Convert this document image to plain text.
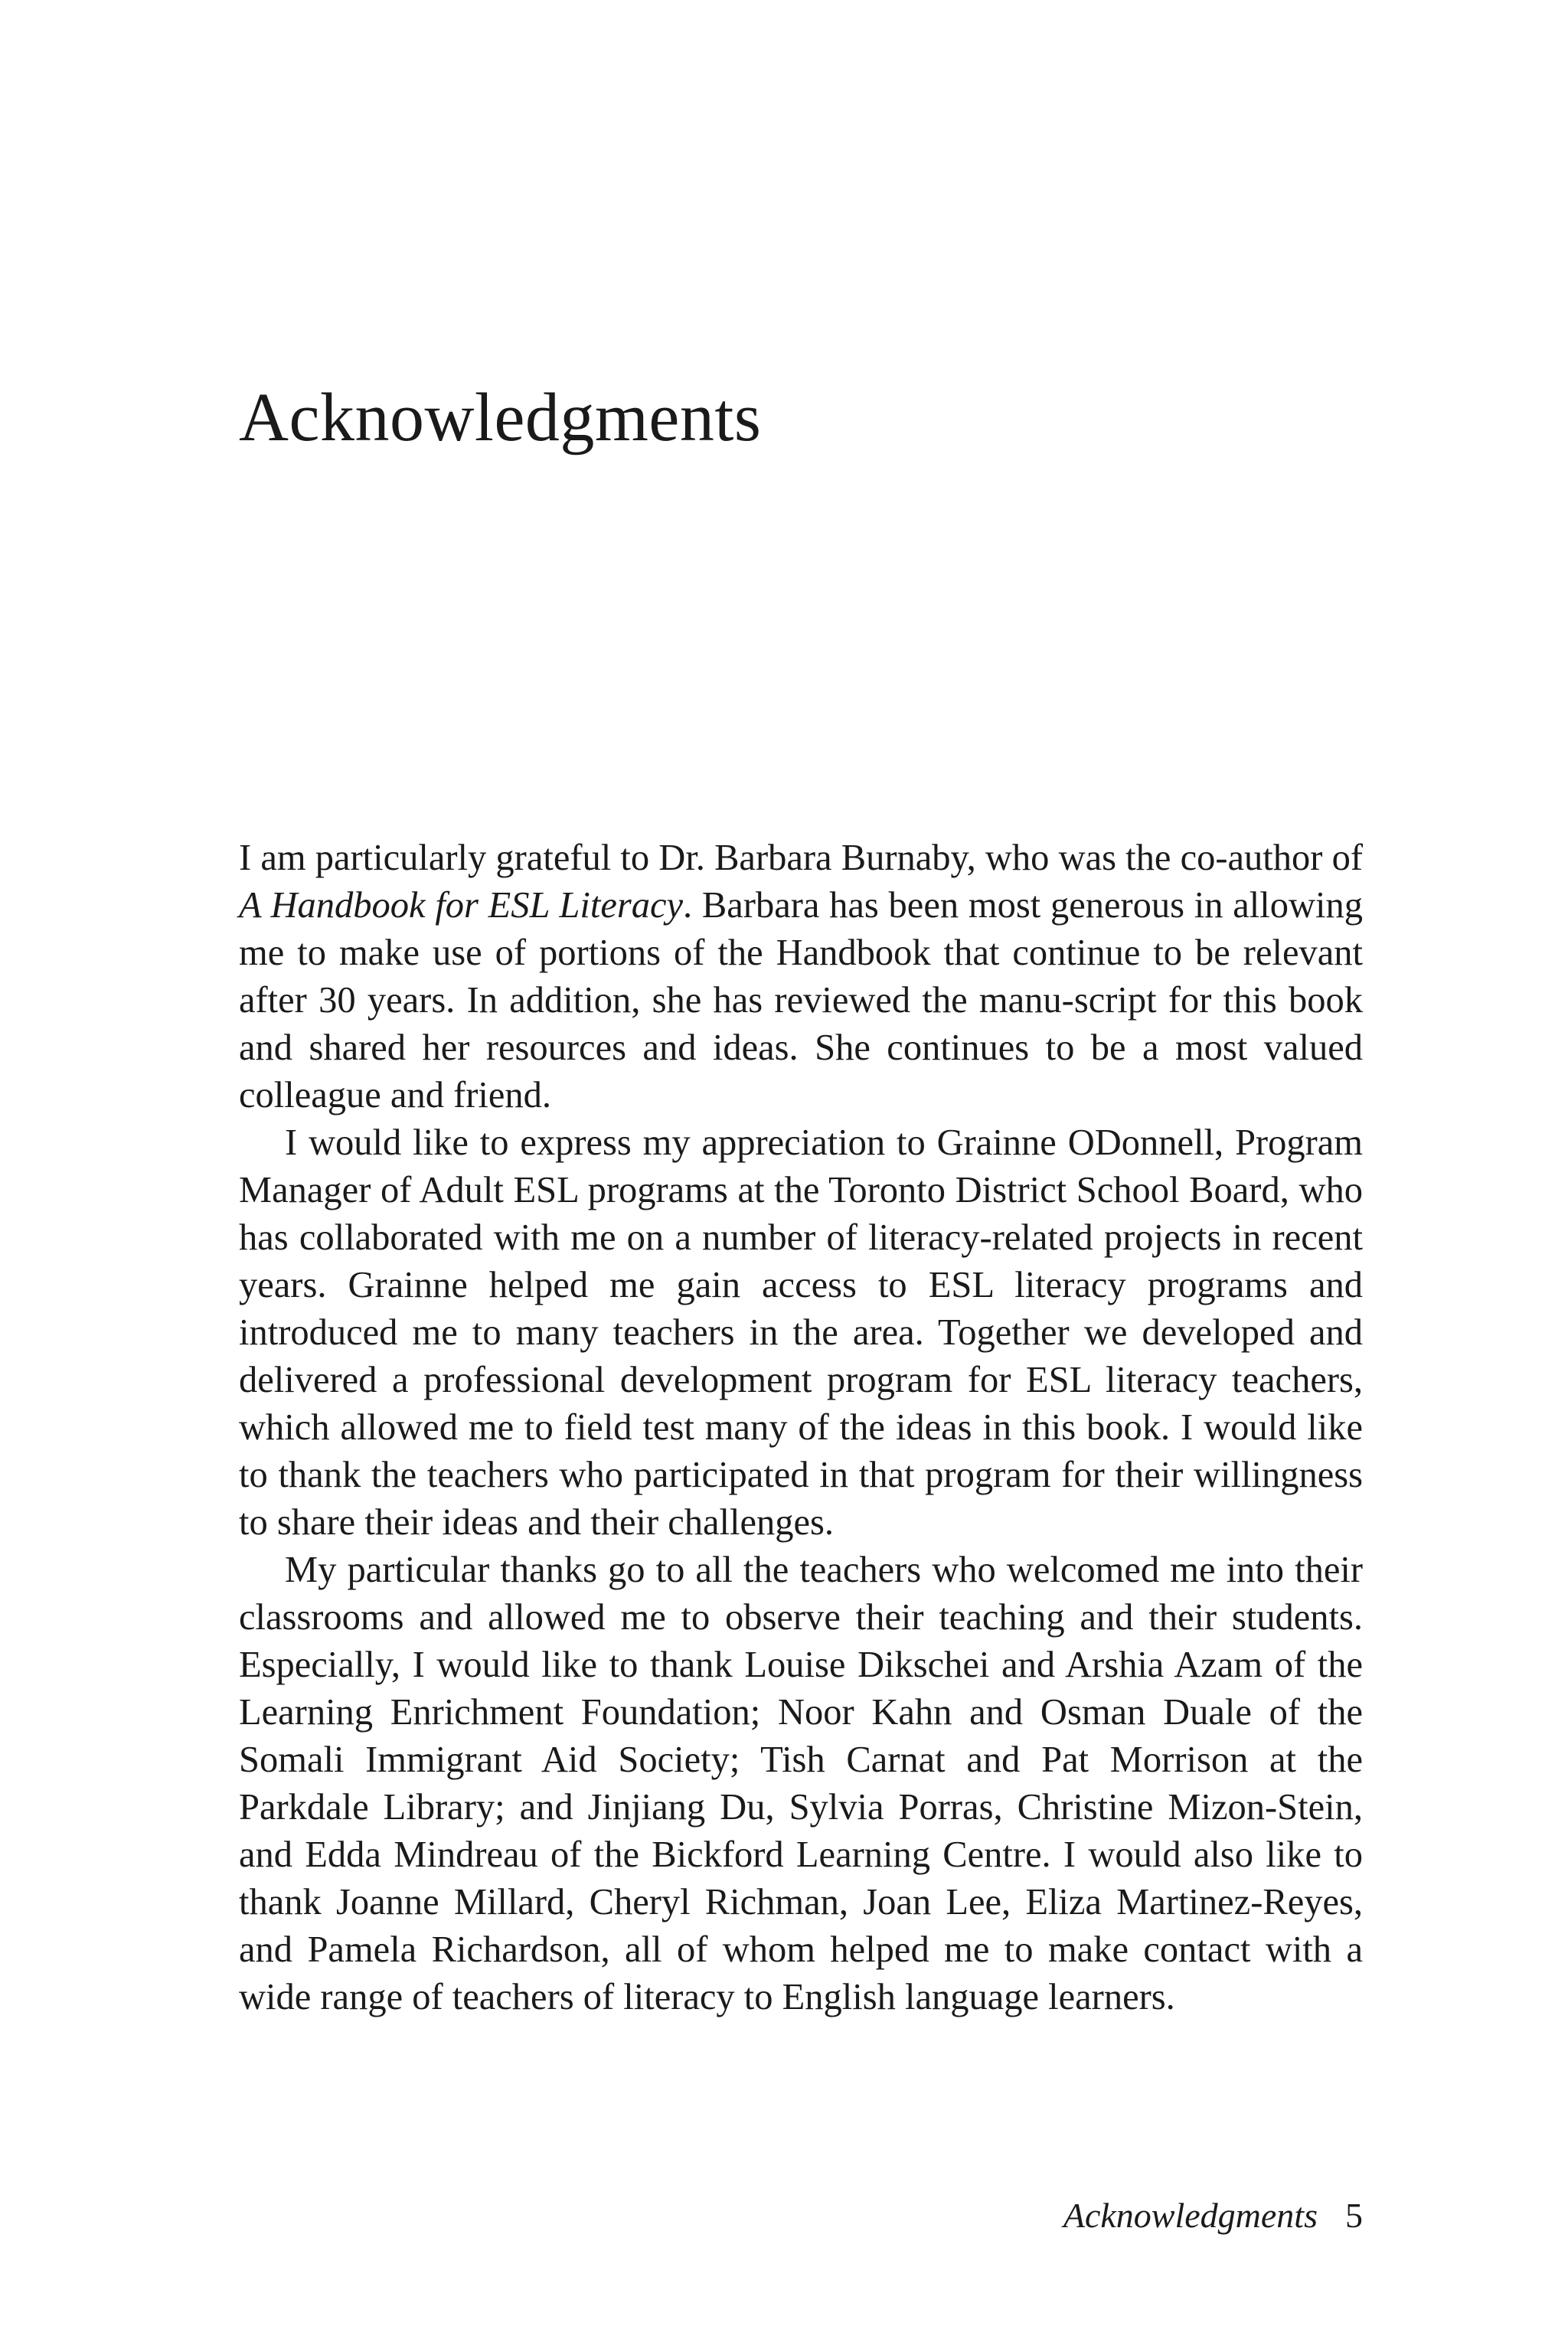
Acknowledgments

I am particularly grateful to Dr. Barbara Burnaby, who was the co-author of A Handbook for ESL Literacy. Barbara has been most generous in allowing me to make use of portions of the Handbook that continue to be relevant after 30 years. In addition, she has reviewed the manu-script for this book and shared her resources and ideas. She continues to be a most valued colleague and friend.

I would like to express my appreciation to Grainne ODonnell, Program Manager of Adult ESL programs at the Toronto District School Board, who has collaborated with me on a number of literacy-related projects in recent years. Grainne helped me gain access to ESL literacy programs and introduced me to many teachers in the area. Together we developed and delivered a professional development program for ESL literacy teachers, which allowed me to field test many of the ideas in this book. I would like to thank the teachers who participated in that program for their willingness to share their ideas and their challenges.

My particular thanks go to all the teachers who welcomed me into their classrooms and allowed me to observe their teaching and their students. Especially, I would like to thank Louise Dikschei and Arshia Azam of the Learning Enrichment Foundation; Noor Kahn and Osman Duale of the Somali Immigrant Aid Society; Tish Carnat and Pat Morrison at the Parkdale Library; and Jinjiang Du, Sylvia Porras, Christine Mizon-Stein, and Edda Mindreau of the Bickford Learning Centre. I would also like to thank Joanne Millard, Cheryl Richman, Joan Lee, Eliza Martinez-Reyes, and Pamela Richardson, all of whom helped me to make contact with a wide range of teachers of literacy to English language learners.

Acknowledgments 5
